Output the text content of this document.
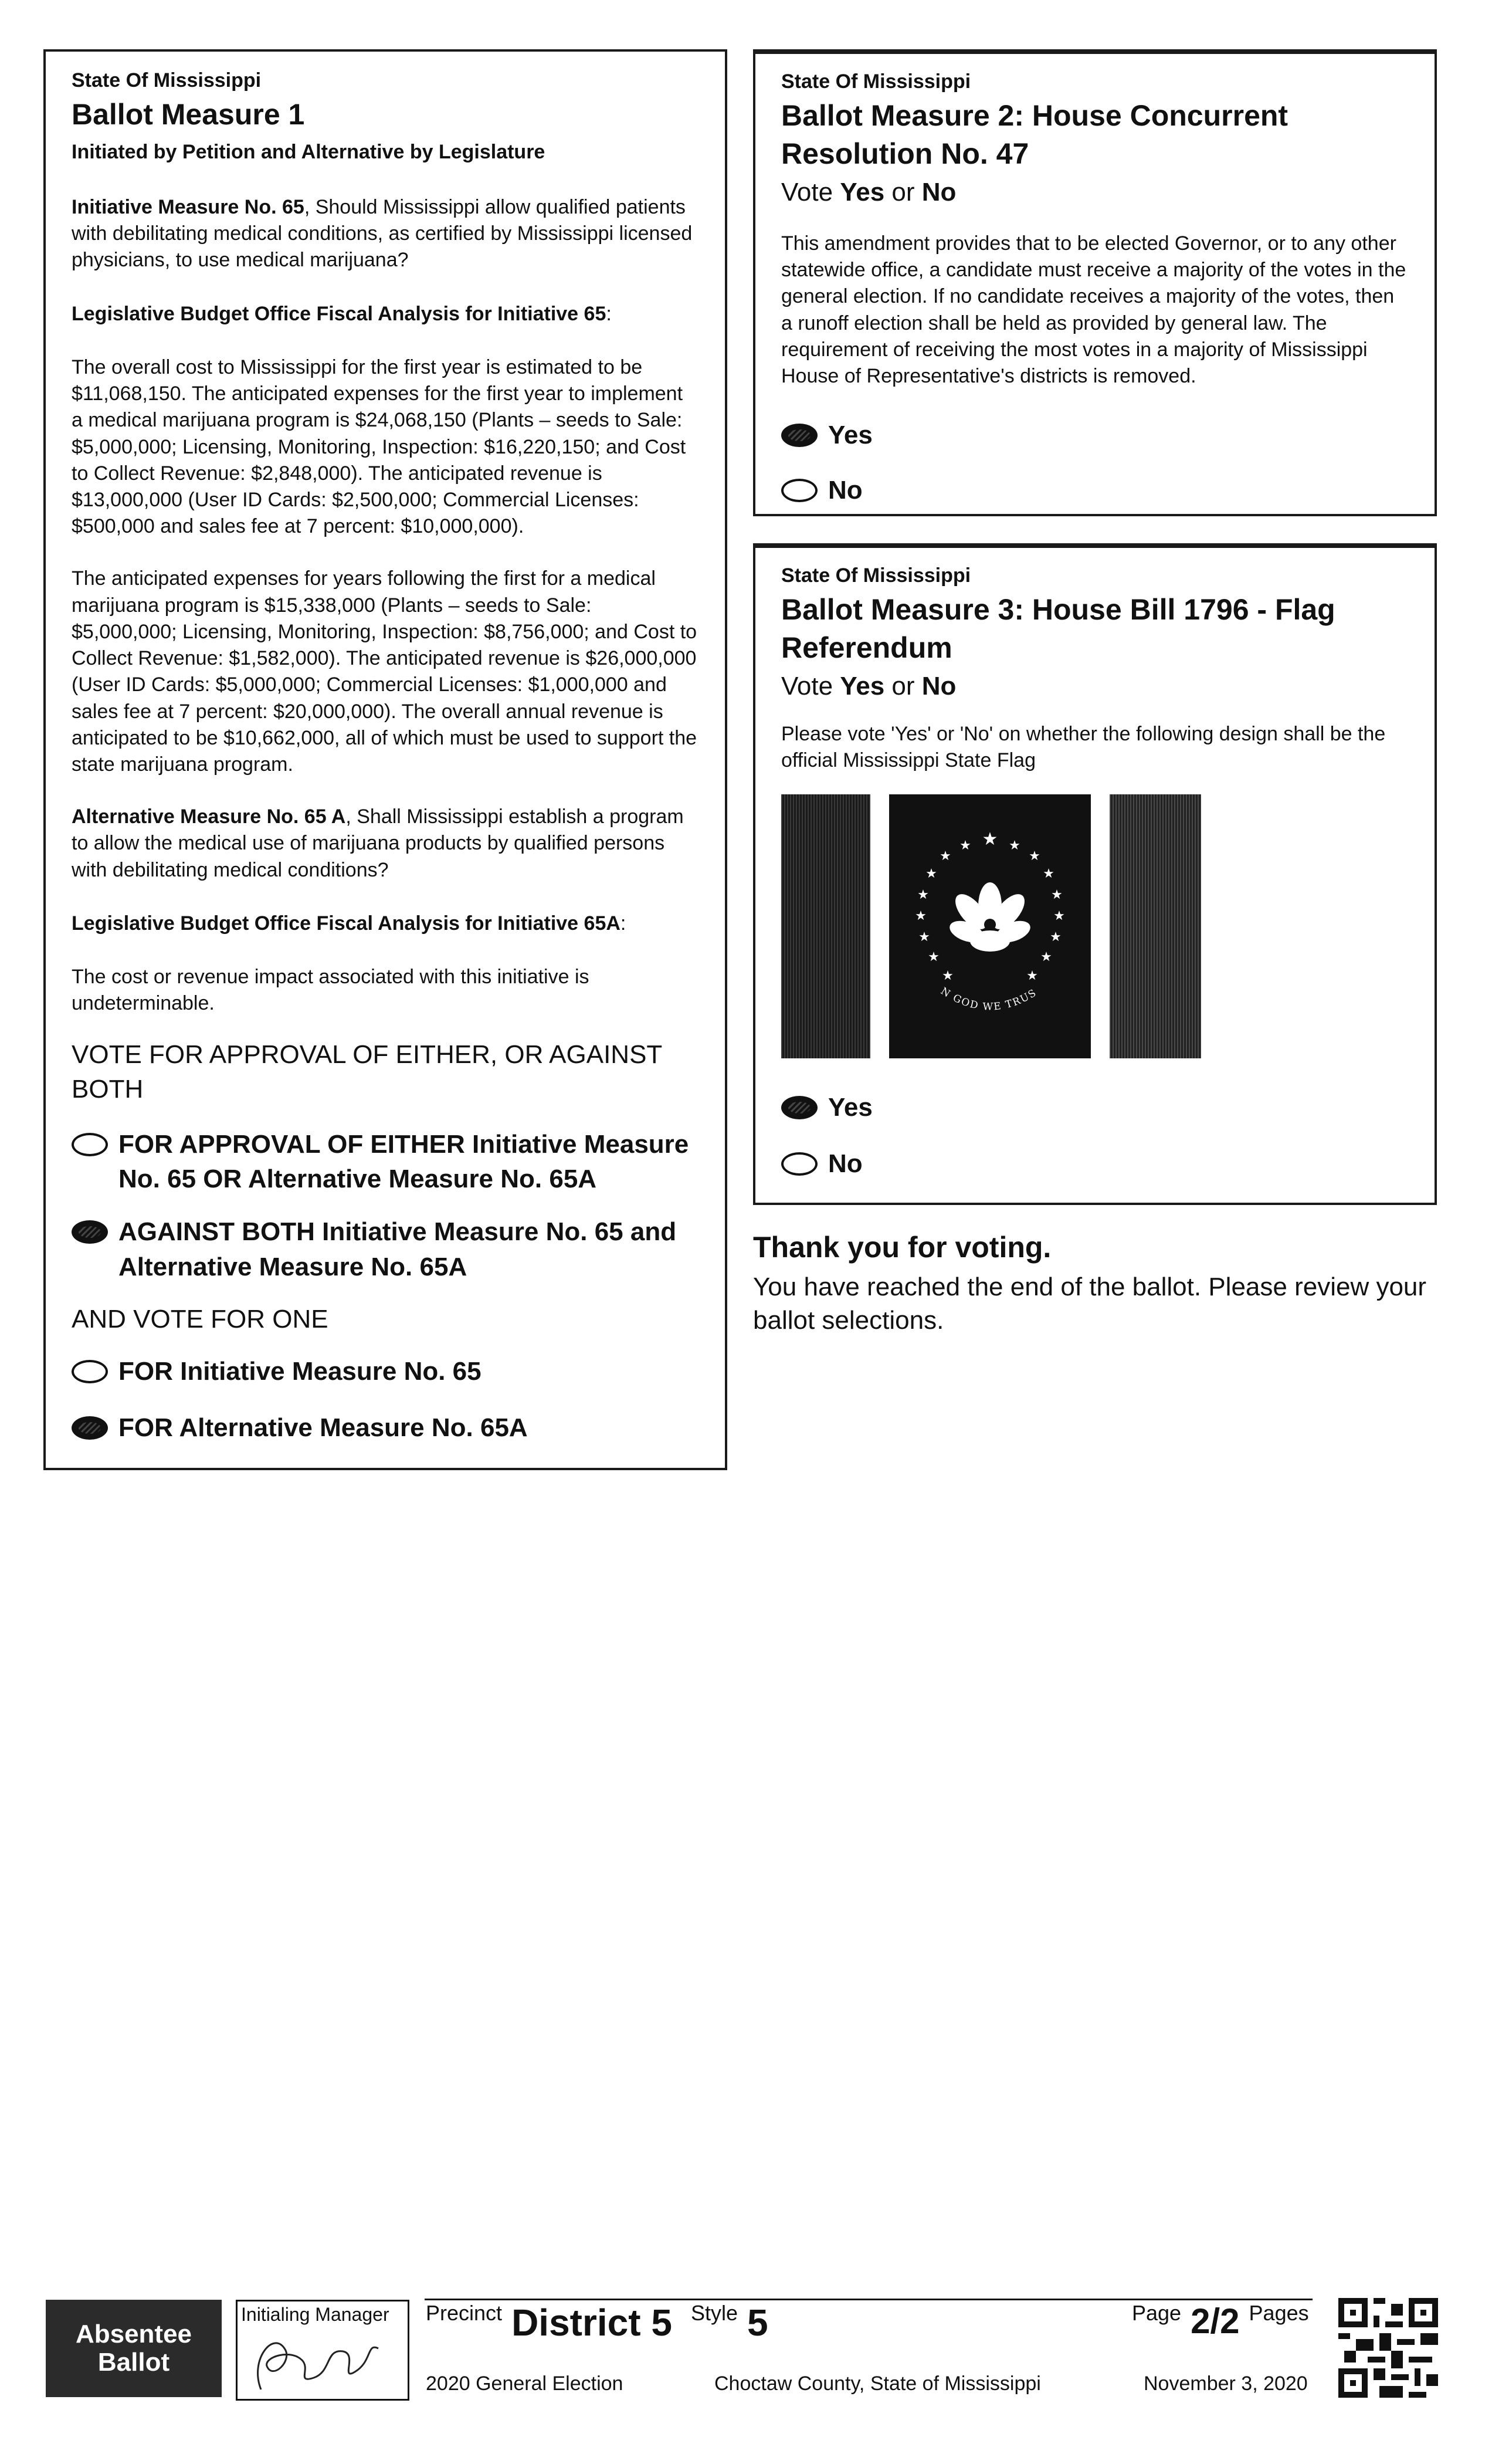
State Of Mississippi
Ballot Measure 1
Initiated by Petition and Alternative by Legislature

Initiative Measure No. 65, Should Mississippi allow qualified patients with debilitating medical conditions, as certified by Mississippi licensed physicians, to use medical marijuana?

Legislative Budget Office Fiscal Analysis for Initiative 65:

The overall cost to Mississippi for the first year is estimated to be $11,068,150. The anticipated expenses for the first year to implement a medical marijuana program is $24,068,150 (Plants – seeds to Sale: $5,000,000; Licensing, Monitoring, Inspection: $16,220,150; and Cost to Collect Revenue: $2,848,000). The anticipated revenue is $13,000,000 (User ID Cards: $2,500,000; Commercial Licenses: $500,000 and sales fee at 7 percent: $10,000,000).

The anticipated expenses for years following the first for a medical marijuana program is $15,338,000 (Plants – seeds to Sale: $5,000,000; Licensing, Monitoring, Inspection: $8,756,000; and Cost to Collect Revenue: $1,582,000). The anticipated revenue is $26,000,000 (User ID Cards: $5,000,000; Commercial Licenses: $1,000,000 and sales fee at 7 percent: $20,000,000). The overall annual revenue is anticipated to be $10,662,000, all of which must be used to support the state marijuana program.

Alternative Measure No. 65 A, Shall Mississippi establish a program to allow the medical use of marijuana products by qualified persons with debilitating medical conditions?

Legislative Budget Office Fiscal Analysis for Initiative 65A:

The cost or revenue impact associated with this initiative is undeterminable.

VOTE FOR APPROVAL OF EITHER, OR AGAINST BOTH

FOR APPROVAL OF EITHER Initiative Measure No. 65 OR Alternative Measure No. 65A
AGAINST BOTH Initiative Measure No. 65 and Alternative Measure No. 65A

AND VOTE FOR ONE

FOR Initiative Measure No. 65
FOR Alternative Measure No. 65A
State Of Mississippi
Ballot Measure 2: House Concurrent Resolution No. 47
Vote Yes or No

This amendment provides that to be elected Governor, or to any other statewide office, a candidate must receive a majority of the votes in the general election. If no candidate receives a majority of the votes, then a runoff election shall be held as provided by general law. The requirement of receiving the most votes in a majority of Mississippi House of Representative's districts is removed.

Yes
No
State Of Mississippi
Ballot Measure 3: House Bill 1796 - Flag Referendum
Vote Yes or No

Please vote 'Yes' or 'No' on whether the following design shall be the official Mississippi State Flag

★
★	★
★	★
★	★
★	★
★	★
★	★
★	★
★	★
N GOD WE TRUS
Yes
No
Thank you for voting.
You have reached the end of the ballot. Please review your ballot selections.
Absentee
Ballot
Initialing Manager	Precinct District 5 Style 5	Page 2/2 Pages
2020 General Election	Choctaw County, State of Mississippi	November 3, 2020
